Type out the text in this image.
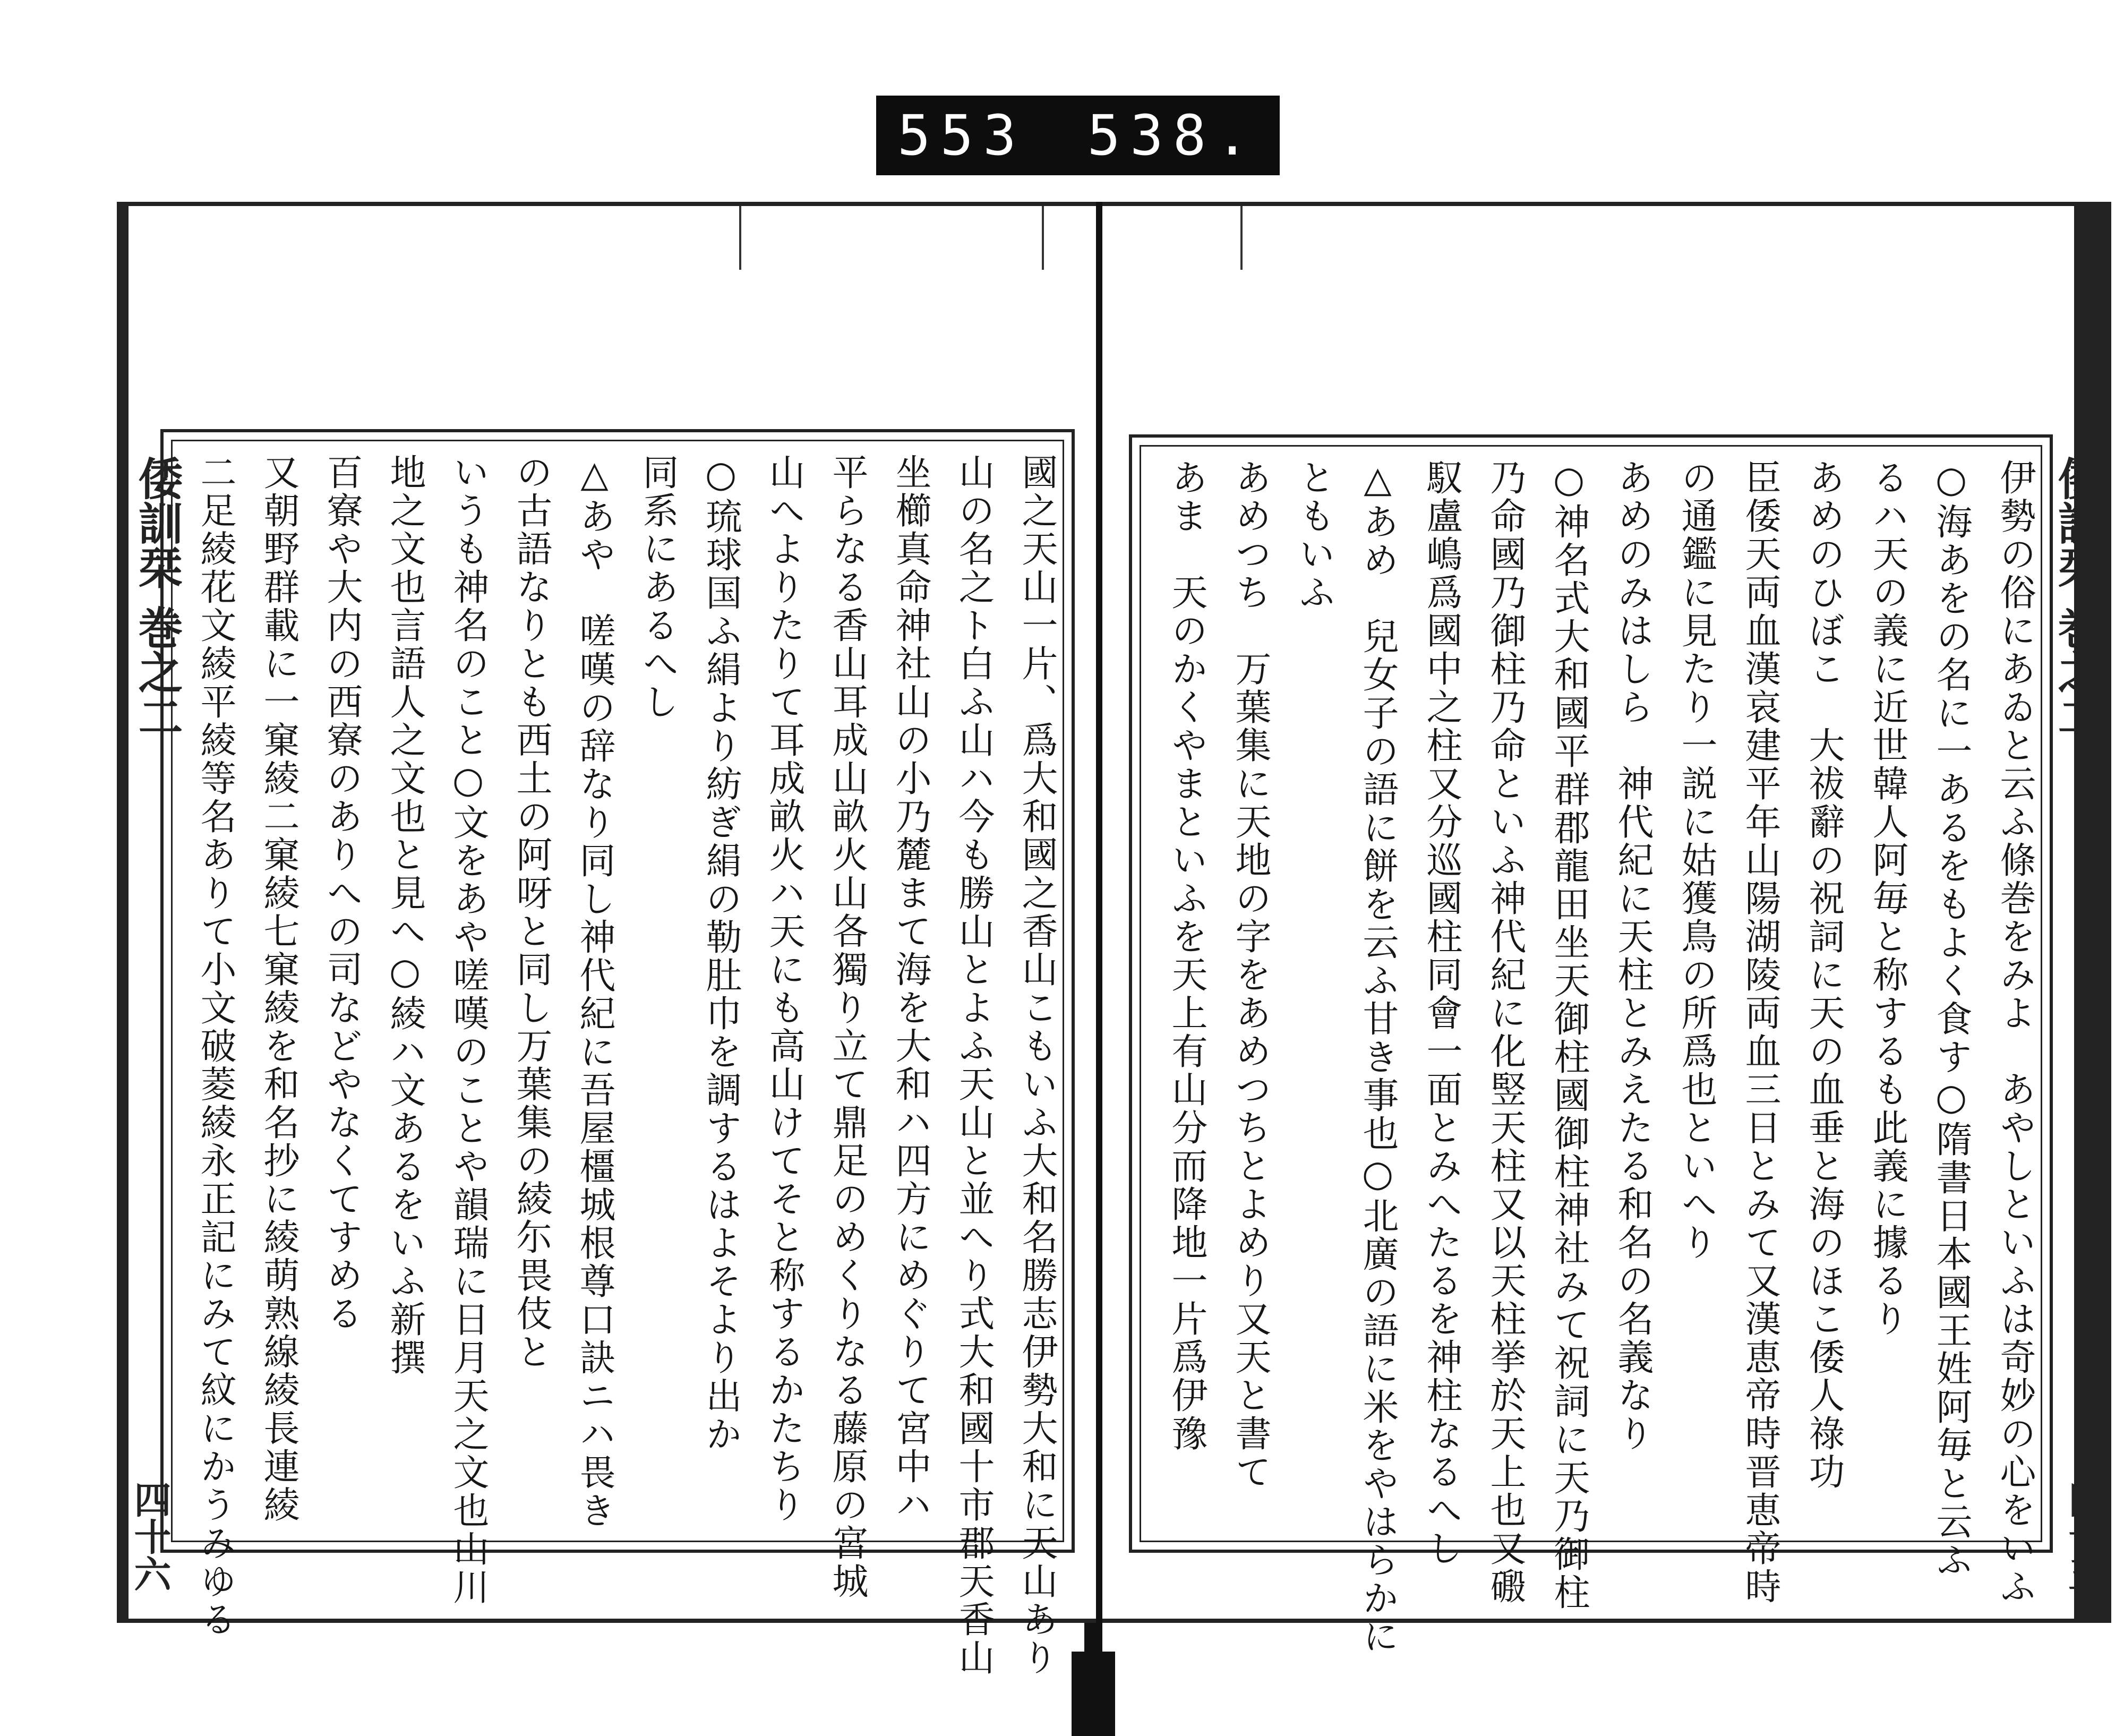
553 538.
倭訓栞 巻之二
四十六	國之天山一片、爲大和國之香山こもいふ大和名勝志伊勢大和に天山あり
山の名之ト白ふ山ハ今も勝山とよふ天山と並へり式大和國十市郡天香山
坐櫛真命神社山の小乃麓まて海を大和ハ四方にめぐりて宮中ハ
平らなる香山耳成山畝火山各獨り立て鼎足のめくりなる藤原の宮城
山へよりたりて耳成畝火ハ天にも高山けてそと称するかたちり
○琉球国ふ絹より紡ぎ絹の勒肚巾を調するはよそより出か
同系にあるへし
△あや　嗟嘆の辞なり同し神代紀に吾屋橿城根尊口訣ニハ畏き
の古語なりとも西土の阿呀と同し万葉集の綾尓畏伎と
いうも神名のこと○文をあや嗟嘆のことや韻瑞に日月天之文也山川
地之文也言語人之文也と見へ○綾ハ文あるをいふ新撰
百寮や大内の西寮のありへの司などやなくてすめる
又朝野群載に一窠綾二窠綾七窠綾を和名抄に綾萌熟線綾長連綾
二足綾花文綾平綾等名ありて小文破菱綾永正記にみて紋にかうみゆる	倭訓栞 巻之二
四十五
伊勢の俗にあゐと云ふ條巻をみよ　あやしといふは奇妙の心をいふ
○海あをの名に一あるをもよく食す○隋書日本國王姓阿毎と云ふ
るハ天の義に近世韓人阿毎と称するも此義に據るり
あめのひぼこ　大祓辭の祝詞に天の血垂と海のほこ倭人祿功
臣倭天両血漢哀建平年山陽湖陵両血三日とみて又漢恵帝時晋恵帝時
の通鑑に見たり一説に姑獲鳥の所爲也といへり
あめのみはしら　神代紀に天柱とみえたる和名の名義なり
○神名式大和國平群郡龍田坐天御柱國御柱神社みて祝詞に天乃御柱
乃命國乃御柱乃命といふ神代紀に化竪天柱又以天柱挙於天上也又磤
馭盧嶋爲國中之柱又分巡國柱同會一面とみへたるを神柱なるへし
△あめ　兒女子の語に餅を云ふ甘き事也○北廣の語に米をやはらかに
ともいふ
あめつち　万葉集に天地の字をあめつちとよめり又天と書て
あま　天のかくやまといふを天上有山分而降地一片爲伊豫
